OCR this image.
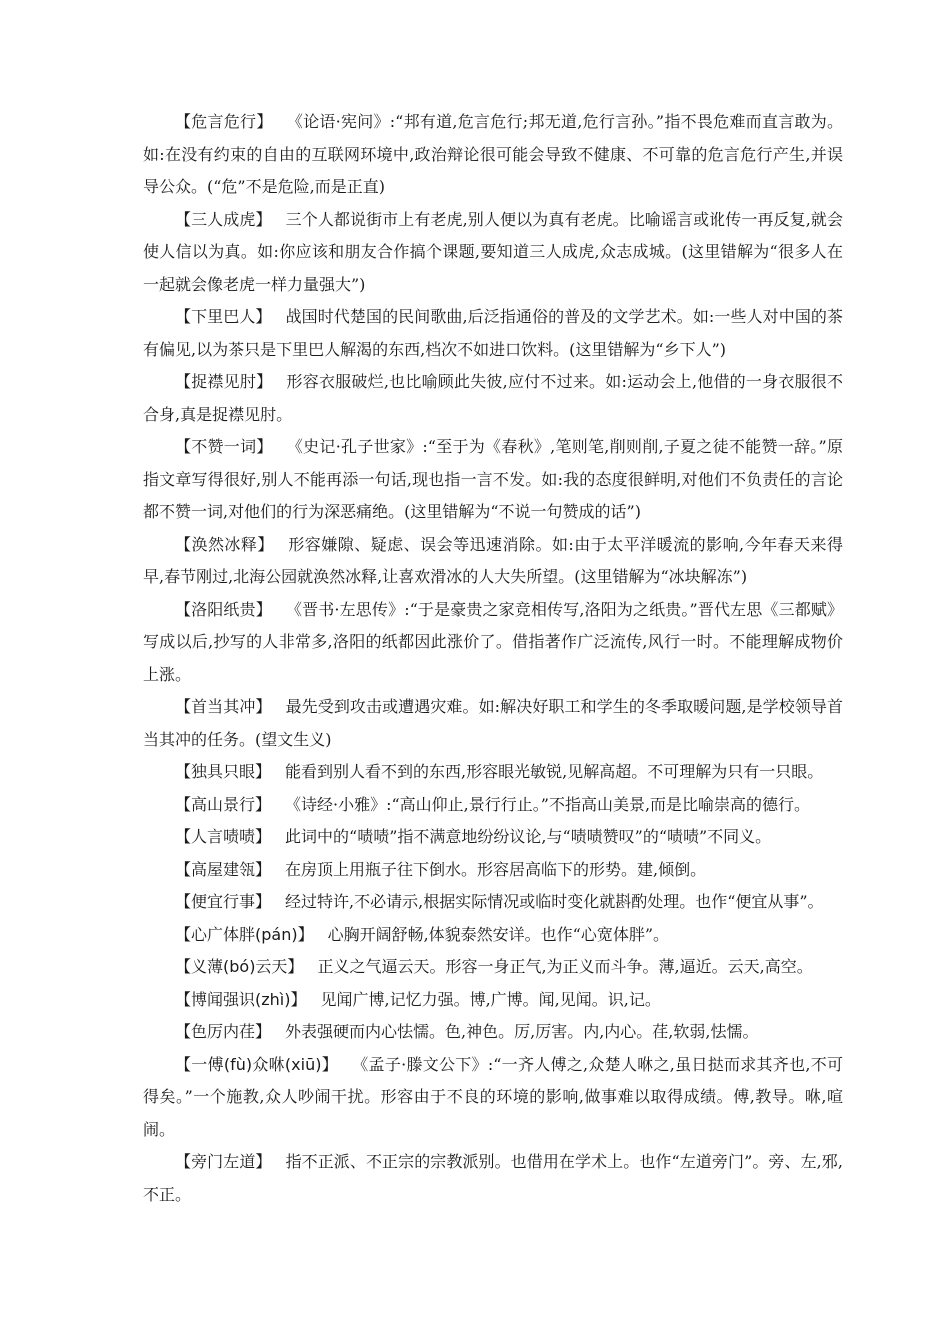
【危言危行】 《论语·宪问》:“邦有道,危言危行;邦无道,危行言孙。”指不畏危难而直言敢为。如:在没有约束的自由的互联网环境中,政治辩论很可能会导致不健康、不可靠的危言危行产生,并误导公众。(“危”不是危险,而是正直)

【三人成虎】 三个人都说街市上有老虎,别人便以为真有老虎。比喻谣言或讹传一再反复,就会使人信以为真。如:你应该和朋友合作搞个课题,要知道三人成虎,众志成城。(这里错解为“很多人在一起就会像老虎一样力量强大”)

【下里巴人】 战国时代楚国的民间歌曲,后泛指通俗的普及的文学艺术。如:一些人对中国的茶有偏见,以为茶只是下里巴人解渴的东西,档次不如进口饮料。(这里错解为“乡下人”)

【捉襟见肘】 形容衣服破烂,也比喻顾此失彼,应付不过来。如:运动会上,他借的一身衣服很不合身,真是捉襟见肘。

【不赞一词】 《史记·孔子世家》:“至于为《春秋》,笔则笔,削则削,子夏之徒不能赞一辞。”原指文章写得很好,别人不能再添一句话,现也指一言不发。如:我的态度很鲜明,对他们不负责任的言论都不赞一词,对他们的行为深恶痛绝。(这里错解为“不说一句赞成的话”)

【涣然冰释】 形容嫌隙、疑虑、误会等迅速消除。如:由于太平洋暖流的影响,今年春天来得早,春节刚过,北海公园就涣然冰释,让喜欢滑冰的人大失所望。(这里错解为“冰块解冻”)

【洛阳纸贵】 《晋书·左思传》:“于是豪贵之家竞相传写,洛阳为之纸贵。”晋代左思《三都赋》写成以后,抄写的人非常多,洛阳的纸都因此涨价了。借指著作广泛流传,风行一时。不能理解成物价上涨。

【首当其冲】 最先受到攻击或遭遇灾难。如:解决好职工和学生的冬季取暖问题,是学校领导首当其冲的任务。(望文生义)

【独具只眼】 能看到别人看不到的东西,形容眼光敏锐,见解高超。不可理解为只有一只眼。

【高山景行】 《诗经·小雅》:“高山仰止,景行行止。”不指高山美景,而是比喻崇高的德行。

【人言啧啧】 此词中的“啧啧”指不满意地纷纷议论,与“啧啧赞叹”的“啧啧”不同义。

【高屋建瓴】 在房顶上用瓶子往下倒水。形容居高临下的形势。建,倾倒。

【便宜行事】 经过特许,不必请示,根据实际情况或临时变化就斟酌处理。也作“便宜从事”。

【心广体胖(pán)】 心胸开阔舒畅,体貌泰然安详。也作“心宽体胖”。

【义薄(bó)云天】 正义之气逼云天。形容一身正气,为正义而斗争。薄,逼近。云天,高空。

【博闻强识(zhì)】 见闻广博,记忆力强。博,广博。闻,见闻。识,记。

【色厉内荏】 外表强硬而内心怯懦。色,神色。厉,厉害。内,内心。荏,软弱,怯懦。

【一傅(fù)众咻(xiū)】 《孟子·滕文公下》:“一齐人傅之,众楚人咻之,虽日挞而求其齐也,不可得矣。”一个施教,众人吵闹干扰。形容由于不良的环境的影响,做事难以取得成绩。傅,教导。咻,喧闹。

【旁门左道】 指不正派、不正宗的宗教派别。也借用在学术上。也作“左道旁门”。旁、左,邪,不正。
